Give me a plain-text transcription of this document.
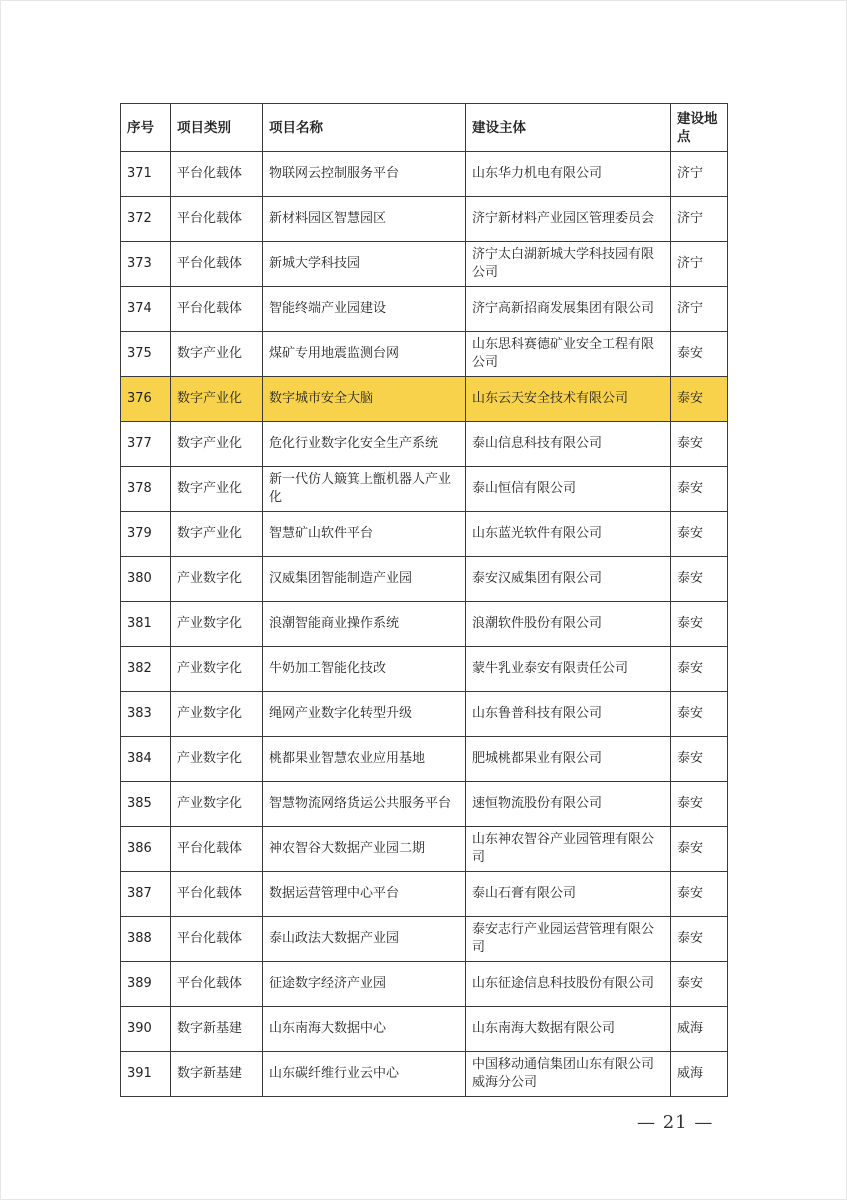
序号	项目类别	项目名称	建设主体	建设地点
371	平台化载体	物联网云控制服务平台	山东华力机电有限公司	济宁
372	平台化载体	新材料园区智慧园区	济宁新材料产业园区管理委员会	济宁
373	平台化载体	新城大学科技园	济宁太白湖新城大学科技园有限公司	济宁
374	平台化载体	智能终端产业园建设	济宁高新招商发展集团有限公司	济宁
375	数字产业化	煤矿专用地震监测台网	山东思科赛德矿业安全工程有限公司	泰安
376	数字产业化	数字城市安全大脑	山东云天安全技术有限公司	泰安
377	数字产业化	危化行业数字化安全生产系统	泰山信息科技有限公司	泰安
378	数字产业化	新一代仿人簸箕上甑机器人产业化	泰山恒信有限公司	泰安
379	数字产业化	智慧矿山软件平台	山东蓝光软件有限公司	泰安
380	产业数字化	汉威集团智能制造产业园	泰安汉威集团有限公司	泰安
381	产业数字化	浪潮智能商业操作系统	浪潮软件股份有限公司	泰安
382	产业数字化	牛奶加工智能化技改	蒙牛乳业泰安有限责任公司	泰安
383	产业数字化	绳网产业数字化转型升级	山东鲁普科技有限公司	泰安
384	产业数字化	桃都果业智慧农业应用基地	肥城桃都果业有限公司	泰安
385	产业数字化	智慧物流网络货运公共服务平台	速恒物流股份有限公司	泰安
386	平台化载体	神农智谷大数据产业园二期	山东神农智谷产业园管理有限公司	泰安
387	平台化载体	数据运营管理中心平台	泰山石膏有限公司	泰安
388	平台化载体	泰山政法大数据产业园	泰安志行产业园运营管理有限公司	泰安
389	平台化载体	征途数字经济产业园	山东征途信息科技股份有限公司	泰安
390	数字新基建	山东南海大数据中心	山东南海大数据有限公司	威海
391	数字新基建	山东碳纤维行业云中心	中国移动通信集团山东有限公司威海分公司	威海
— 21 —
